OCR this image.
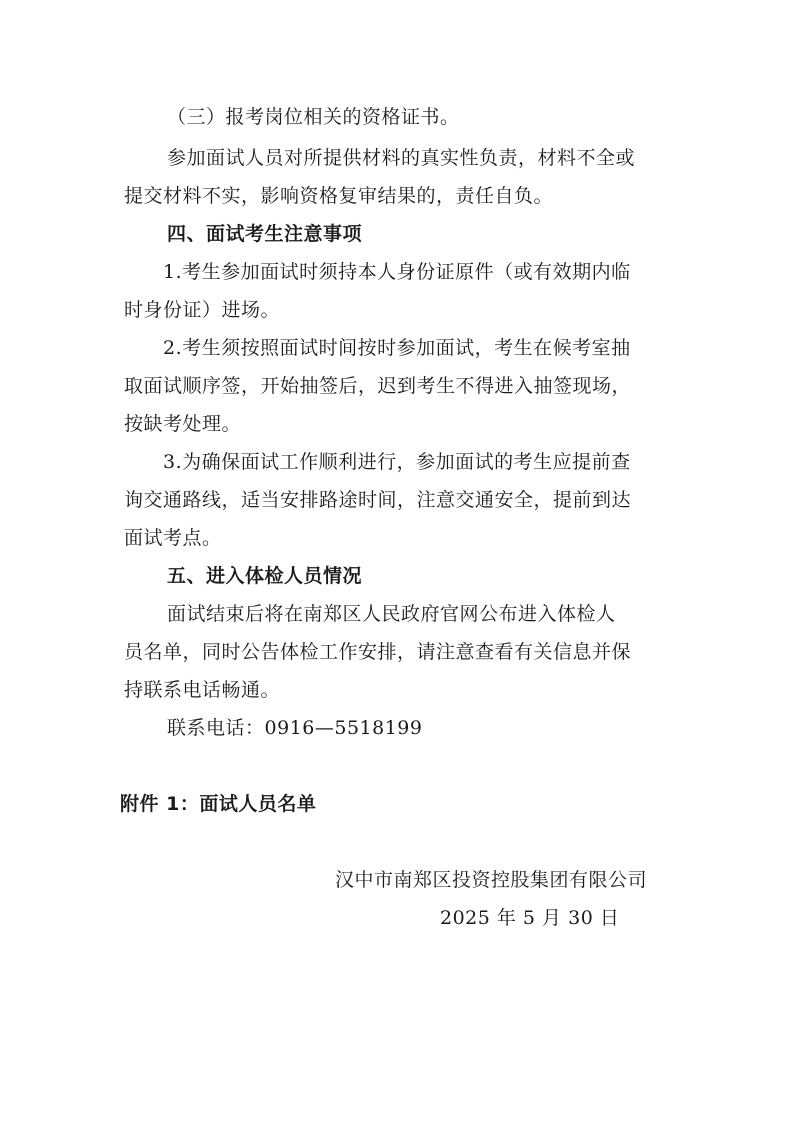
（三）报考岗位相关的资格证书。
参加面试人员对所提供材料的真实性负责，材料不全或
提交材料不实，影响资格复审结果的，责任自负。
四、面试考生注意事项
1.考生参加面试时须持本人身份证原件（或有效期内临
时身份证）进场。
2.考生须按照面试时间按时参加面试，考生在候考室抽
取面试顺序签，开始抽签后，迟到考生不得进入抽签现场，
按缺考处理。
3.为确保面试工作顺利进行，参加面试的考生应提前查
询交通路线，适当安排路途时间，注意交通安全，提前到达
面试考点。
五、进入体检人员情况
面试结束后将在南郑区人民政府官网公布进入体检人
员名单，同时公告体检工作安排，请注意查看有关信息并保
持联系电话畅通。
联系电话：0916—5518199
附件 1：面试人员名单
汉中市南郑区投资控股集团有限公司
2025 年 5 月 30 日
